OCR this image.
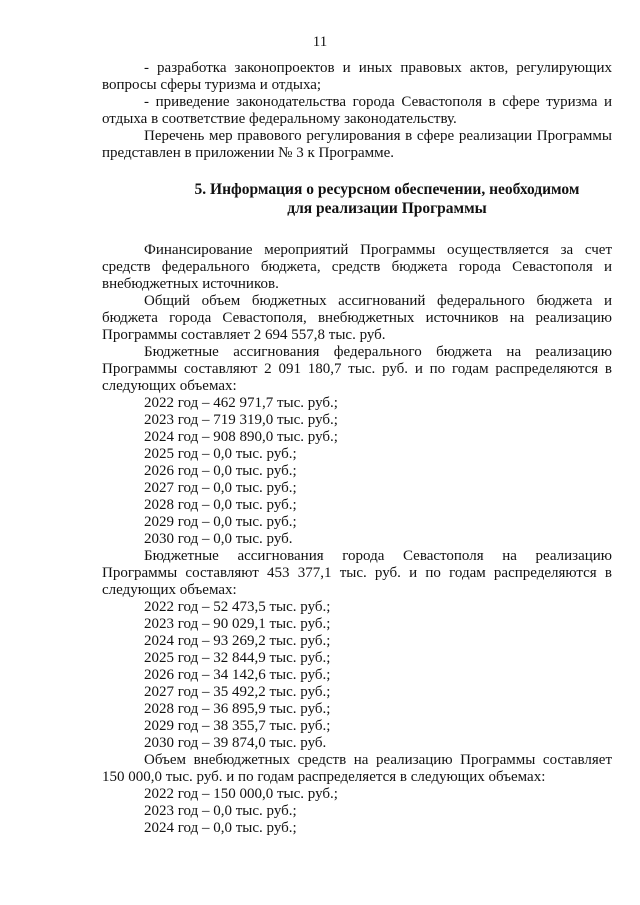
11

- разработка законопроектов и иных правовых актов, регулирующих вопросы сферы туризма и отдыха;

- приведение законодательства города Севастополя в сфере туризма и отдыха в соответствие федеральному законодательству.

Перечень мер правового регулирования в сфере реализации Программы представлен в приложении № 3 к Программе.

5. Информация о ресурсном обеспечении, необходимом
для реализации Программы

Финансирование мероприятий Программы осуществляется за счет средств федерального бюджета, средств бюджета города Севастополя и внебюджетных источников.

Общий объем бюджетных ассигнований федерального бюджета и бюджета города Севастополя, внебюджетных источников на реализацию Программы составляет 2 694 557,8 тыс. руб.

Бюджетные ассигнования федерального бюджета на реализацию Программы составляют 2 091 180,7 тыс. руб. и по годам распределяются в следующих объемах:

2022 год – 462 971,7 тыс. руб.;
2023 год – 719 319,0 тыс. руб.;
2024 год – 908 890,0 тыс. руб.;
2025 год – 0,0 тыс. руб.;
2026 год – 0,0 тыс. руб.;
2027 год – 0,0 тыс. руб.;
2028 год – 0,0 тыс. руб.;
2029 год – 0,0 тыс. руб.;
2030 год – 0,0 тыс. руб.

Бюджетные ассигнования города Севастополя на реализацию Программы составляют 453 377,1 тыс. руб. и по годам распределяются в следующих объемах:

2022 год – 52 473,5 тыс. руб.;
2023 год – 90 029,1 тыс. руб.;
2024 год – 93 269,2 тыс. руб.;
2025 год – 32 844,9 тыс. руб.;
2026 год – 34 142,6 тыс. руб.;
2027 год – 35 492,2 тыс. руб.;
2028 год – 36 895,9 тыс. руб.;
2029 год – 38 355,7 тыс. руб.;
2030 год – 39 874,0 тыс. руб.

Объем внебюджетных средств на реализацию Программы составляет 150 000,0 тыс. руб. и по годам распределяется в следующих объемах:

2022 год – 150 000,0 тыс. руб.;
2023 год – 0,0 тыс. руб.;
2024 год – 0,0 тыс. руб.;
